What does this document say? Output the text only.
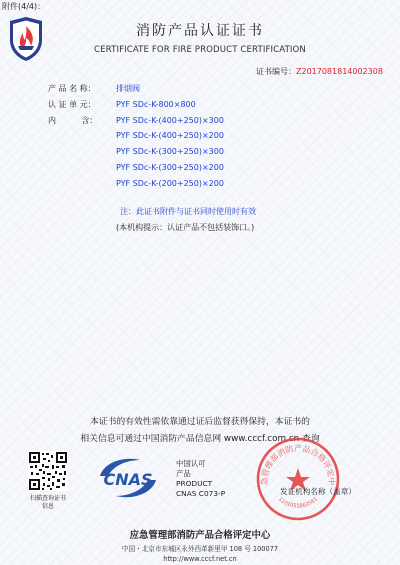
附件(4/4)：
消防产品认证证书
CERTIFICATE FOR FIRE PRODUCT CERTIFICATION
证书编号：Z2017081814002308
产 品 名 称：	排烟阀
认 证 单 元：	PYF SDc-K-800×800
内          含： PYF SDc-K-(400+250)×300
PYF SDc-K-(400+250)×200
PYF SDc-K-(300+250)×300
PYF SDc-K-(300+250)×200
PYF SDc-K-(200+250)×200
注：此证书附件与证书同时使用时有效
(本机构提示：认证产品不包括装饰口。)
本证书的有效性需依靠通过证后监督获得保持，本证书的
相关信息可通过中国消防产品信息网 www.cccf.com.cn 查询
扫描查询证书信息
CNAS
中国认可
产品
PRODUCT
CNAS C073-P
急管理部消防产品合格评定中
1101051862561
发证机构名称（盖章）
应急管理部消防产品合格评定中心
中国・北京市东城区永外西革新里甲 108 号 100077
http://www.cccf.net.cn
